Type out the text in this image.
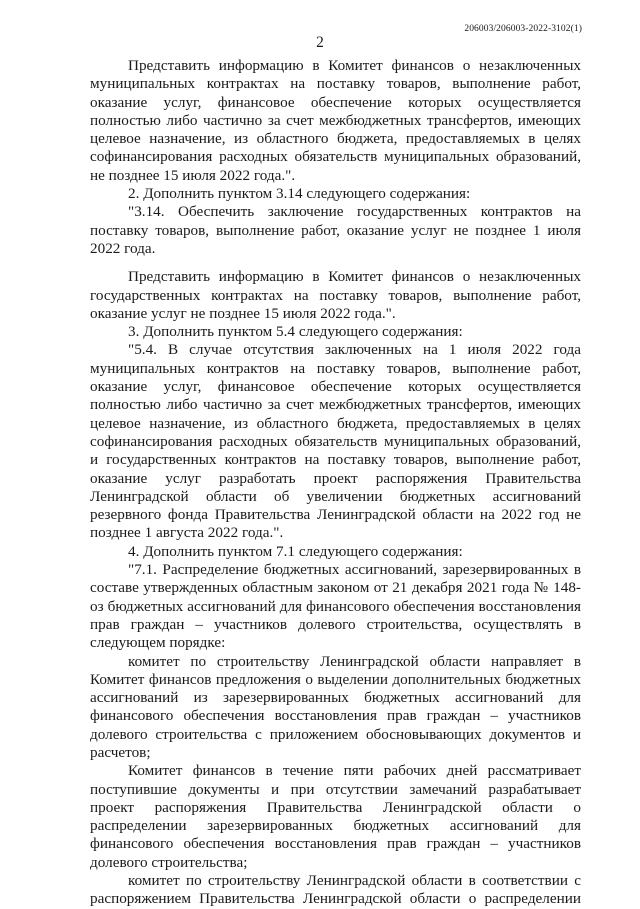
206003/206003-2022-3102(1)
2

Представить информацию в Комитет финансов о незаключенных муниципальных контрактах на поставку товаров, выполнение работ, оказание услуг, финансовое обеспечение которых осуществляется полностью либо частично за счет межбюджетных трансфертов, имеющих целевое назначение, из областного бюджета, предоставляемых в целях софинансирования расходных обязательств муниципальных образований, не позднее 15 июля 2022 года.".

2. Дополнить пунктом 3.14 следующего содержания:

"3.14. Обеспечить заключение государственных контрактов на поставку товаров, выполнение работ, оказание услуг не позднее 1 июля 2022 года.

Представить информацию в Комитет финансов о незаключенных государственных контрактах на поставку товаров, выполнение работ, оказание услуг не позднее 15 июля 2022 года.".

3. Дополнить пунктом 5.4 следующего содержания:

"5.4. В случае отсутствия заключенных на 1 июля 2022 года муниципальных контрактов на поставку товаров, выполнение работ, оказание услуг, финансовое обеспечение которых осуществляется полностью либо частично за счет межбюджетных трансфертов, имеющих целевое назначение, из областного бюджета, предоставляемых в целях софинансирования расходных обязательств муниципальных образований, и государственных контрактов на поставку товаров, выполнение работ, оказание услуг разработать проект распоряжения Правительства Ленинградской области об увеличении бюджетных ассигнований резервного фонда Правительства Ленинградской области на 2022 год не позднее 1 августа 2022 года.".

4. Дополнить пунктом 7.1 следующего содержания:

"7.1. Распределение бюджетных ассигнований, зарезервированных в составе утвержденных областным законом от 21 декабря 2021 года № 148-оз бюджетных ассигнований для финансового обеспечения восстановления прав граждан – участников долевого строительства, осуществлять в следующем порядке:

комитет по строительству Ленинградской области направляет в Комитет финансов предложения о выделении дополнительных бюджетных ассигнований из зарезервированных бюджетных ассигнований для финансового обеспечения восстановления прав граждан – участников долевого строительства с приложением обосновывающих документов и расчетов;

Комитет финансов в течение пяти рабочих дней рассматривает поступившие документы и при отсутствии замечаний разрабатывает проект распоряжения Правительства Ленинградской области о распределении зарезервированных бюджетных ассигнований для финансового обеспечения восстановления прав граждан – участников долевого строительства;

комитет по строительству Ленинградской области в соответствии с распоряжением Правительства Ленинградской области о распределении
